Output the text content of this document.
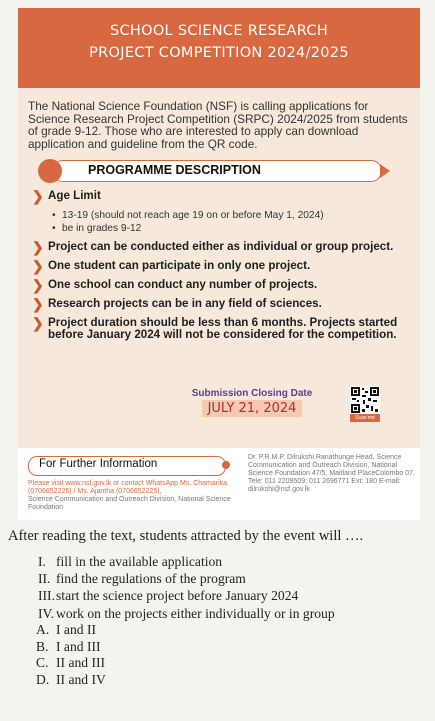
SCHOOL SCIENCE RESEARCH
PROJECT COMPETITION 2024/2025
The National Science Foundation (NSF) is calling applications for Science Research Project Competition (SRPC) 2024/2025 from students of grade 9-12. Those who are interested to apply can download application and guideline from the QR code.
PROGRAMME DESCRIPTION
❯ Age Limit
• 13-19 (should not reach age 19 on or before May 1, 2024)
• be in grades 9-12
❯ Project can be conducted either as individual or group project.
❯ One student can participate in only one project.
❯ One school can conduct any number of projects.
❯ Research projects can be in any field of sciences.
❯ Project duration should be less than 6 months. Projects started before January 2024 will not be considered for the competition.
Submission Closing Date
JULY 21, 2024
Scan me
For Further Information
Please visit www.nsf.gov.lk or contact WhatsApp Ms. Chamarika (0706652226) / Ms. Ajantha (0706652225),
Science Communication and Outreach Division, National Science Foundation
Dr. P.R.M.P. Dilrukshi Ranathunge Head, Science Communication and Outreach Division, National Science Foundation 47/5, Maitland PlaceColombo 07. Tele: 011 2209509; 011 2696771 Ext: 180 E-mail: dilrukshi@nsf.gov.lk
After reading the text, students attracted by the event will ….
I. fill in the available application
II. find the regulations of the program
III. start the science project before January 2024
IV. work on the projects either individually or in group
A. I and II
B. I and III
C. II and III
D. II and IV
